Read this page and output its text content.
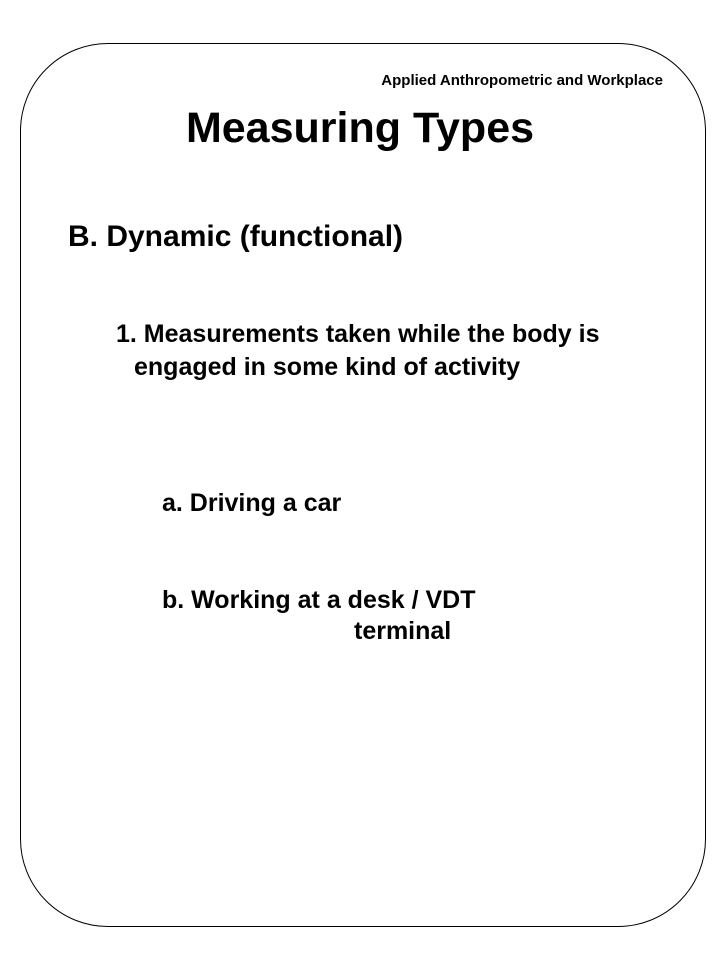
Applied Anthropometric and Workplace
Measuring Types
B. Dynamic (functional)
1. Measurements taken while the body is engaged in some kind of activity
a. Driving a car
b. Working at a desk / VDT
terminal
